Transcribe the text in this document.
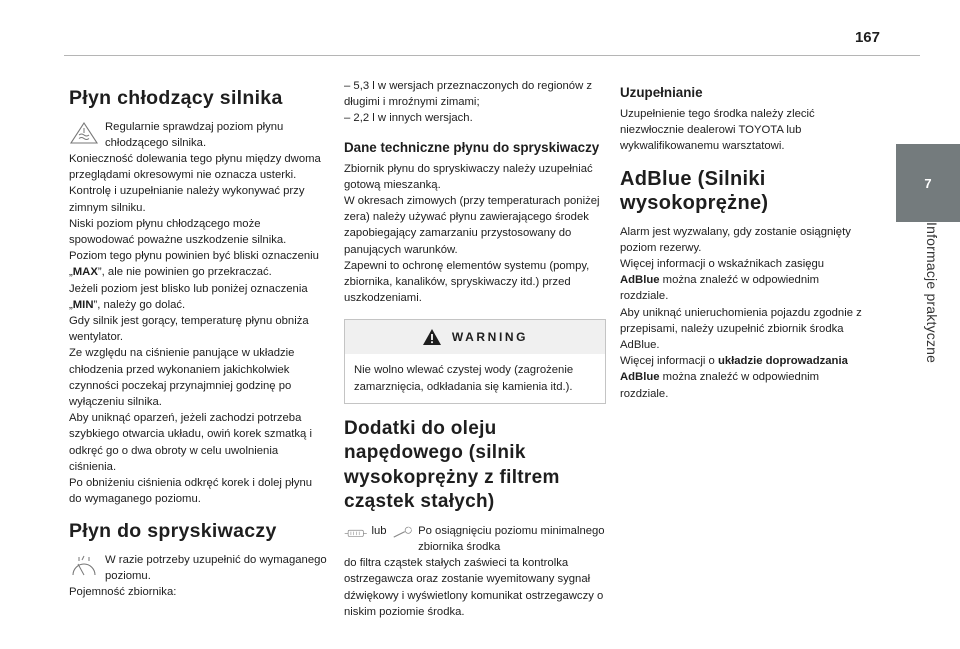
167
7
Informacje praktyczne
Płyn chłodzący silnika

Regularnie sprawdzaj poziom płynu chłodzącego silnika.

Konieczność dolewania tego płynu między dwoma przeglądami okresowymi nie oznacza usterki.

Kontrolę i uzupełnianie należy wykonywać przy zimnym silniku.

Niski poziom płynu chłodzącego może spowodować poważne uszkodzenie silnika.

Poziom tego płynu powinien być bliski oznaczeniu „MAX”, ale nie powinien go przekraczać.

Jeżeli poziom jest blisko lub poniżej oznaczenia „MIN”, należy go dolać.

Gdy silnik jest gorący, temperaturę płynu obniża wentylator.

Ze względu na ciśnienie panujące w układzie chłodzenia przed wykonaniem jakichkolwiek czynności poczekaj przynajmniej godzinę po wyłączeniu silnika.

Aby uniknąć oparzeń, jeżeli zachodzi potrzeba szybkiego otwarcia układu, owiń korek szmatką i odkręć go o dwa obroty w celu uwolnienia ciśnienia.

Po obniżeniu ciśnienia odkręć korek i dolej płynu do wymaganego poziomu.

Płyn do spryskiwaczy

W razie potrzeby uzupełnić do wymaganego poziomu.

Pojemność zbiornika:

– 5,3 l w wersjach przeznaczonych do regionów z długimi i mroźnymi zimami;

– 2,2 l w innych wersjach.

Dane techniczne płynu do spryskiwaczy

Zbiornik płynu do spryskiwaczy należy uzupełniać gotową mieszanką.

W okresach zimowych (przy temperaturach poniżej zera) należy używać płynu zawierającego środek zapobiegający zamarzaniu przystosowany do panujących warunków.

Zapewni to ochronę elementów systemu (pompy, zbiornika, kanalików, spryskiwaczy itd.) przed uszkodzeniami.

WARNING

Nie wolno wlewać czystej wody (zagrożenie zamarznięcia, odkładania się kamienia itd.).

Dodatki do oleju napędowego (silnik wysokoprężny z filtrem cząstek stałych)
lub	Po osiągnięciu poziomu minimalnego zbiornika środka

do filtra cząstek stałych zaświeci ta kontrolka ostrzegawcza oraz zostanie wyemitowany sygnał dźwiękowy i wyświetlony komunikat ostrzegawczy o niskim poziomie środka.

Uzupełnianie

Uzupełnienie tego środka należy zlecić niezwłocznie dealerowi TOYOTA lub wykwalifikowanemu warsztatowi.

AdBlue (Silniki wysokoprężne)

Alarm jest wyzwalany, gdy zostanie osiągnięty poziom rezerwy.

Więcej informacji o wskaźnikach zasięgu AdBlue można znaleźć w odpowiednim rozdziale.

Aby uniknąć unieruchomienia pojazdu zgodnie z przepisami, należy uzupełnić zbiornik środka AdBlue.

Więcej informacji o układzie doprowadzania AdBlue można znaleźć w odpowiednim rozdziale.
